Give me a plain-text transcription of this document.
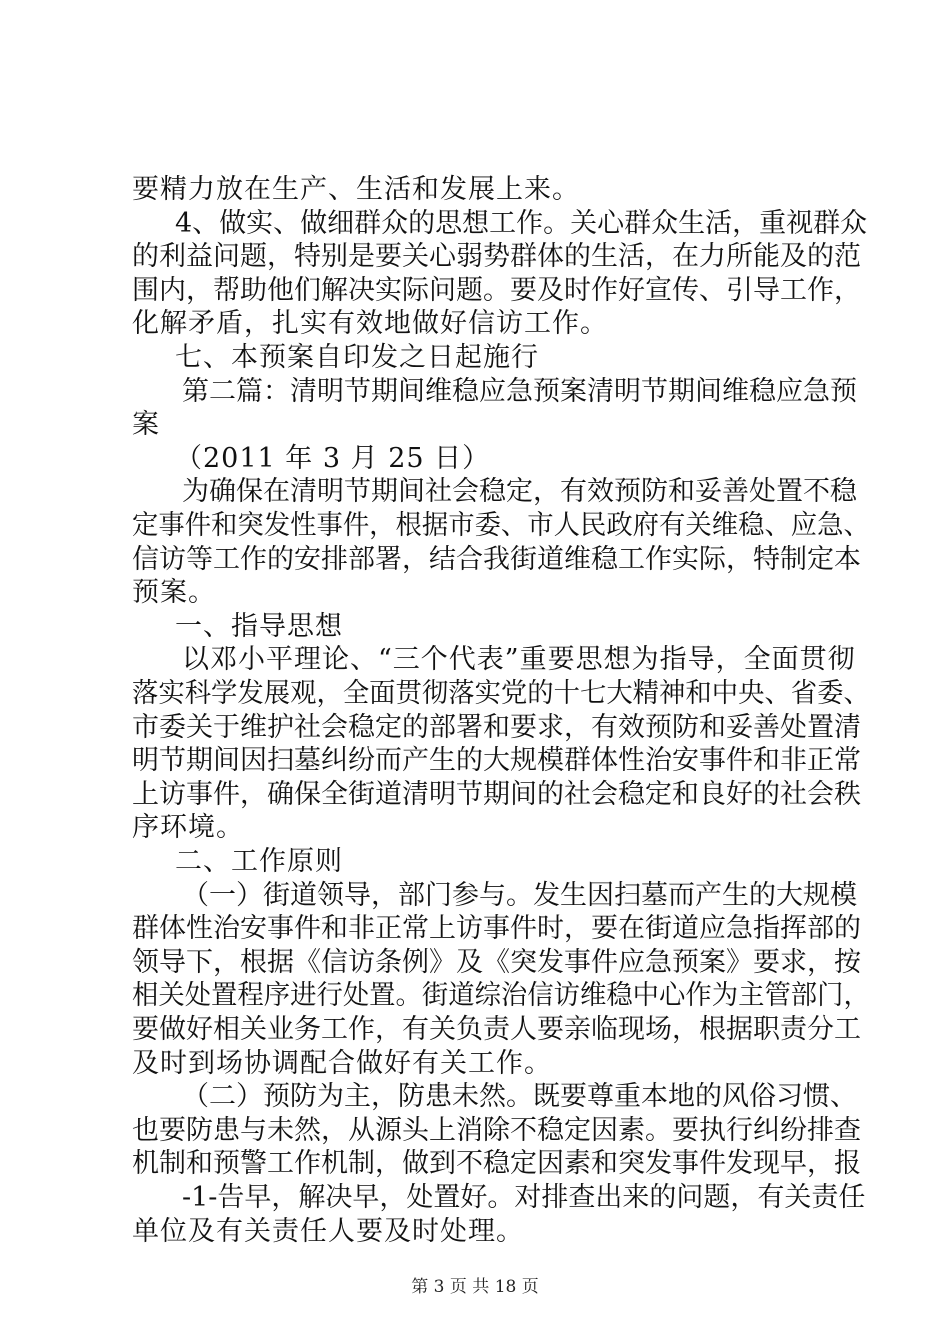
要精力放在生产、生活和发展上来。
4、做实、做细群众的思想工作。关心群众生活，重视群众
的利益问题，特别是要关心弱势群体的生活，在力所能及的范
围内，帮助他们解决实际问题。要及时作好宣传、引导工作，
化解矛盾，扎实有效地做好信访工作。
七、本预案自印发之日起施行
第二篇：清明节期间维稳应急预案清明节期间维稳应急预
案
（2011 年 3 月 25 日）
为确保在清明节期间社会稳定，有效预防和妥善处置不稳
定事件和突发性事件，根据市委、市人民政府有关维稳、应急、
信访等工作的安排部署，结合我街道维稳工作实际，特制定本
预案。
一、指导思想
以邓小平理论、“三个代表”重要思想为指导，全面贯彻
落实科学发展观，全面贯彻落实党的十七大精神和中央、省委、
市委关于维护社会稳定的部署和要求，有效预防和妥善处置清
明节期间因扫墓纠纷而产生的大规模群体性治安事件和非正常
上访事件，确保全街道清明节期间的社会稳定和良好的社会秩
序环境。
二、工作原则
（一）街道领导，部门参与。发生因扫墓而产生的大规模
群体性治安事件和非正常上访事件时，要在街道应急指挥部的
领导下，根据《信访条例》及《突发事件应急预案》要求，按
相关处置程序进行处置。街道综治信访维稳中心作为主管部门，
要做好相关业务工作，有关负责人要亲临现场，根据职责分工
及时到场协调配合做好有关工作。
（二）预防为主，防患未然。既要尊重本地的风俗习惯、
也要防患与未然，从源头上消除不稳定因素。要执行纠纷排查
机制和预警工作机制，做到不稳定因素和突发事件发现早，报
-1-告早，解决早，处置好。对排查出来的问题，有关责任
单位及有关责任人要及时处理。
第 3 页 共 18 页
